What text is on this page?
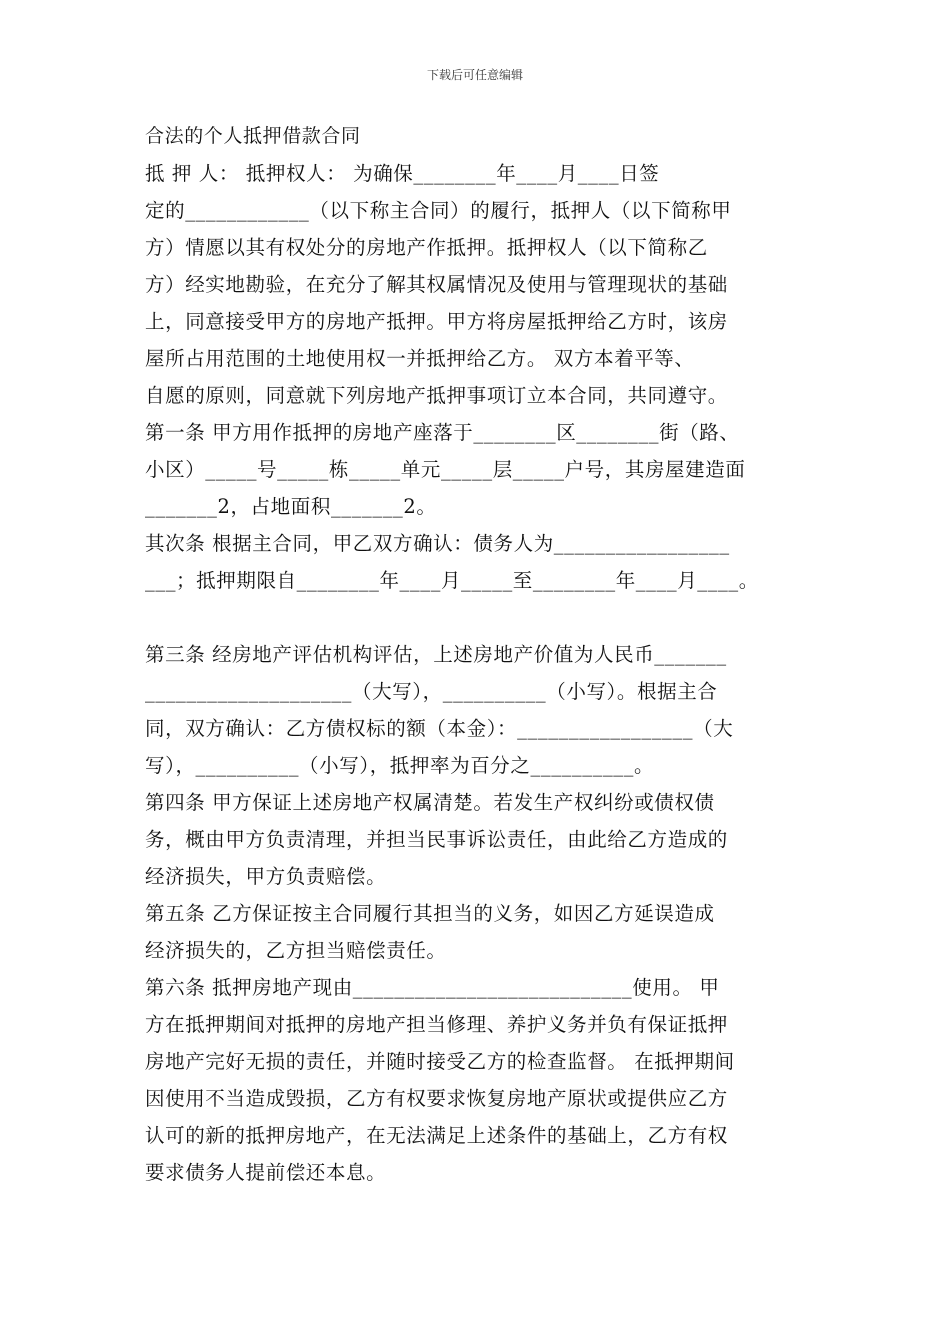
下载后可任意编辑
合法的个人抵押借款合同
抵 押 人： 抵押权人： 为确保________年____月____日签
定的____________（以下称主合同）的履行，抵押人（以下简称甲
方）情愿以其有权处分的房地产作抵押。抵押权人（以下简称乙
方）经实地勘验，在充分了解其权属情况及使用与管理现状的基础
上，同意接受甲方的房地产抵押。甲方将房屋抵押给乙方时，该房
屋所占用范围的土地使用权一并抵押给乙方。 双方本着平等、
自愿的原则，同意就下列房地产抵押事项订立本合同，共同遵守。
第一条 甲方用作抵押的房地产座落于________区________街（路、
小区）_____号_____栋_____单元_____层_____户号，其房屋建造面
_______2，占地面积_______2。
其次条 根据主合同，甲乙双方确认：债务人为_________________
___；抵押期限自________年____月_____至________年____月____。
第三条 经房地产评估机构评估，上述房地产价值为人民币_______
____________________（大写），__________（小写）。根据主合
同，双方确认：乙方债权标的额（本金）：_________________（大
写），__________（小写），抵押率为百分之__________。
第四条 甲方保证上述房地产权属清楚。若发生产权纠纷或债权债
务，概由甲方负责清理，并担当民事诉讼责任，由此给乙方造成的
经济损失，甲方负责赔偿。
第五条 乙方保证按主合同履行其担当的义务，如因乙方延误造成
经济损失的，乙方担当赔偿责任。
第六条 抵押房地产现由___________________________使用。 甲
方在抵押期间对抵押的房地产担当修理、养护义务并负有保证抵押
房地产完好无损的责任，并随时接受乙方的检查监督。 在抵押期间
因使用不当造成毁损，乙方有权要求恢复房地产原状或提供应乙方
认可的新的抵押房地产，在无法满足上述条件的基础上，乙方有权
要求债务人提前偿还本息。
